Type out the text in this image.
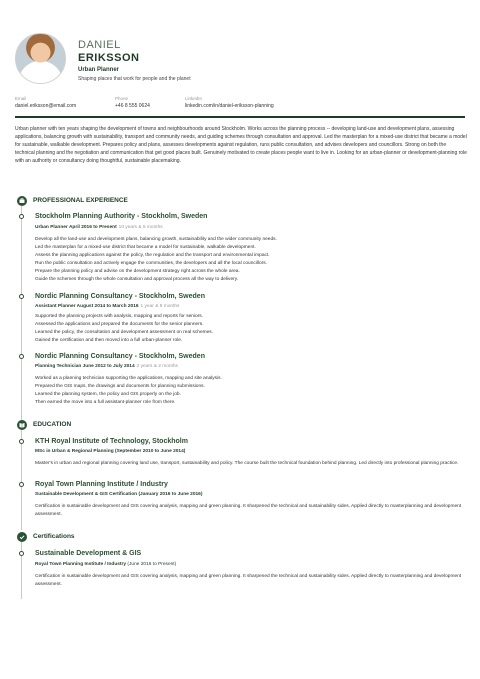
DANIEL
ERIKSSON
Urban Planner
Shaping places that work for people and the planet
Email
daniel.eriksson@email.com
Phone
+46 8 555 0624
LinkedIn
linkedin.com/in/daniel-eriksson-planning

Urban planner with ten years shaping the development of towns and neighbourhoods around Stockholm. Works across the planning process -- developing land-use and development plans, assessing applications, balancing growth with sustainability, transport and community needs, and guiding schemes through consultation and approval. Led the masterplan for a mixed-use district that became a model for sustainable, walkable development. Prepares policy and plans, assesses developments against regulation, runs public consultation, and advises developers and councillors. Strong on both the technical planning and the negotiation and communication that get good places built. Genuinely motivated to create places people want to live in. Looking for an urban-planner or development-planning role with an authority or consultancy doing thoughtful, sustainable placemaking.

PROFESSIONAL EXPERIENCE
Stockholm Planning Authority - Stockholm, Sweden
Urban Planner April 2016 to Present 10 years & 5 months
Develop all the land-use and development plans, balancing growth, sustainability and the wider community needs.
Led the masterplan for a mixed-use district that became a model for sustainable, walkable development.
Assess the planning applications against the policy, the regulation and the transport and environmental impact.
Run the public consultation and actively engage the communities, the developers and all the local councillors.
Prepare the planning policy and advise on the development strategy right across the whole area.
Guide the schemes through the whole consultation and approval process all the way to delivery.
Nordic Planning Consultancy - Stockholm, Sweden
Assistant Planner August 2014 to March 2016 1 year & 8 months
Supported the planning projects with analysis, mapping and reports for seniors.
Assessed the applications and prepared the documents for the senior planners.
Learned the policy, the consultation and development assessment on real schemes.
Gained the certification and then moved into a full urban-planner role.
Nordic Planning Consultancy - Stockholm, Sweden
Planning Technician June 2012 to July 2014 2 years & 2 months
Worked as a planning technician supporting the applications, mapping and site analysis.
Prepared the GIS maps, the drawings and documents for planning submissions.
Learned the planning system, the policy and GIS properly on the job.
Then earned the move into a full assistant-planner role from there.
EDUCATION
KTH Royal Institute of Technology, Stockholm
MSc in Urban & Regional Planning (September 2010 to June 2014)

Master's in urban and regional planning covering land use, transport, sustainability and policy. The course built the technical foundation behind planning. Led directly into professional planning practice.

Royal Town Planning Institute / Industry
Sustainable Development & GIS Certification (January 2016 to June 2016)

Certification in sustainable development and GIS covering analysis, mapping and green planning. It sharpened the technical and sustainability sides. Applied directly to masterplanning and development assessment.

Certifications
Sustainable Development & GIS
Royal Town Planning Institute / Industry (June 2016 to Present)

Certification in sustainable development and GIS covering analysis, mapping and green planning. It sharpened the technical and sustainability sides. Applied directly to masterplanning and development assessment.
